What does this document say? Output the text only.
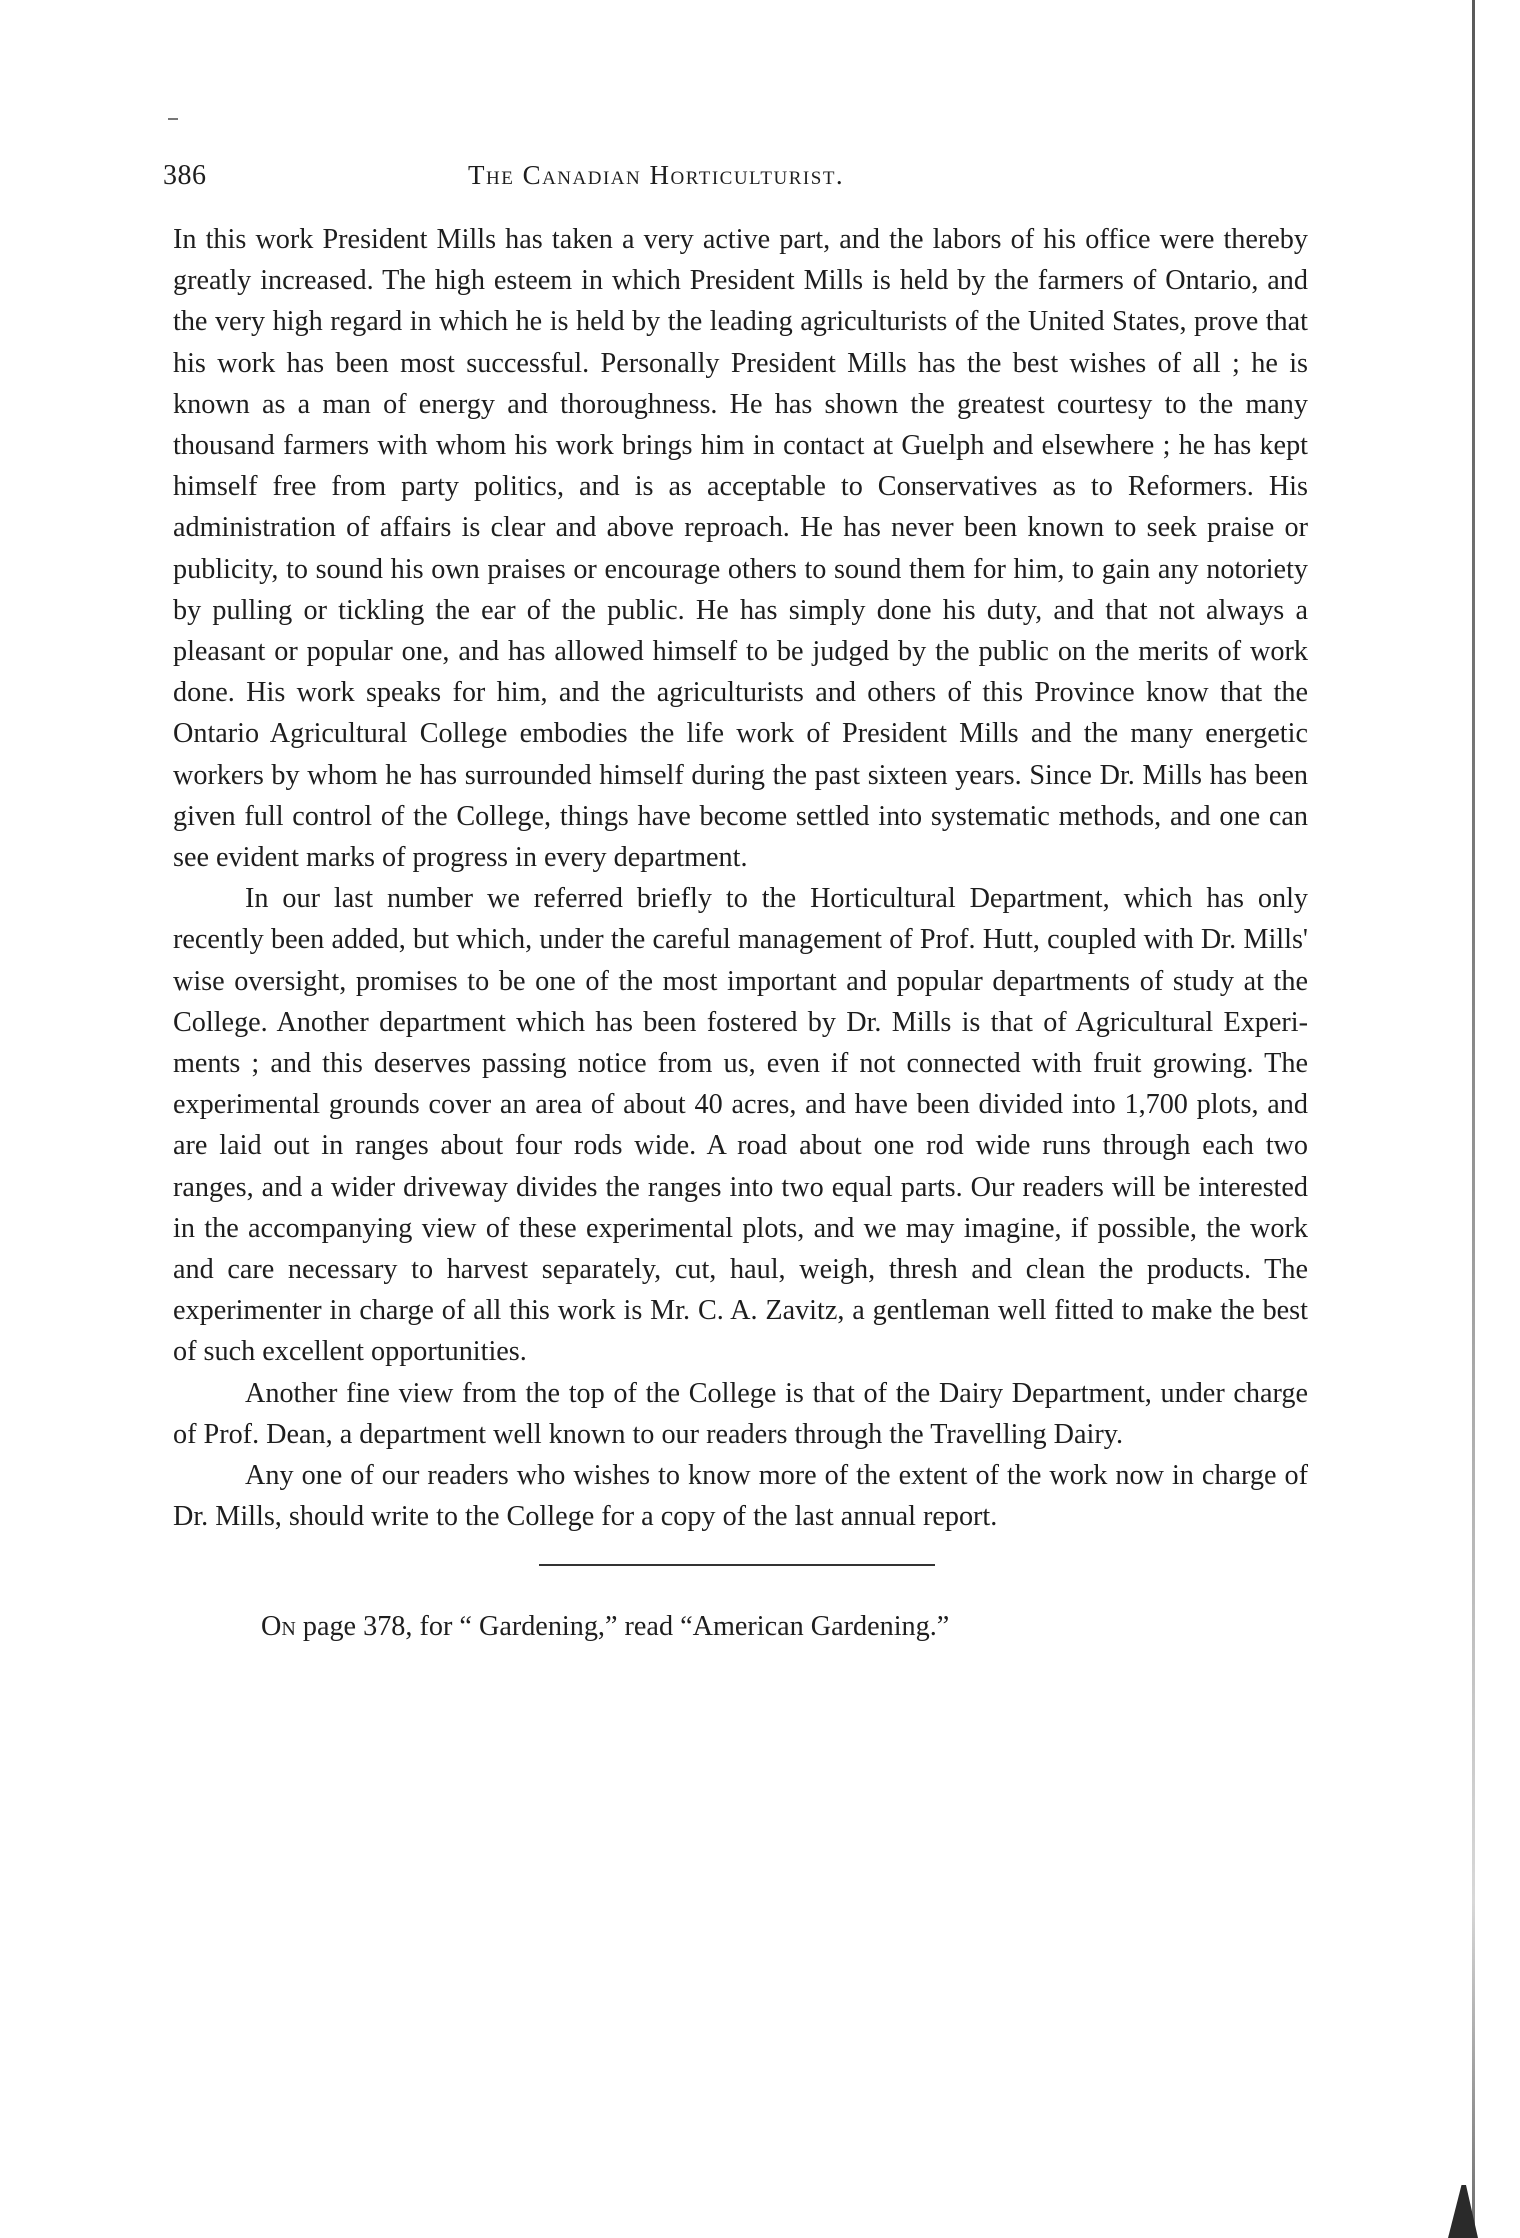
386	The Canadian Horticulturist.

In this work President Mills has taken a very active part, and the labors of his office were thereby greatly increased. The high esteem in which President Mills is held by the farmers of Ontario, and the very high regard in which he is held by the leading agriculturists of the United States, prove that his work has been most successful. Personally President Mills has the best wishes of all ; he is known as a man of energy and thoroughness. He has shown the greatest courtesy to the many thousand farmers with whom his work brings him in contact at Guelph and elsewhere ; he has kept himself free from party politics, and is as acceptable to Conservatives as to Reformers. His administration of affairs is clear and above reproach. He has never been known to seek praise or publicity, to sound his own praises or encourage others to sound them for him, to gain any notoriety by pulling or tickling the ear of the public. He has simply done his duty, and that not always a pleasant or popular one, and has allowed himself to be judged by the public on the merits of work done. His work speaks for him, and the agriculturists and others of this Province know that the Ontario Agricultural College embodies the life work of President Mills and the many energetic workers by whom he has surrounded himself during the past sixteen years. Since Dr. Mills has been given full control of the College, things have become settled into systematic methods, and one can see evident marks of progress in every department.

In our last number we referred briefly to the Horticultural Department, which has only recently been added, but which, under the careful management of Prof. Hutt, coupled with Dr. Mills' wise oversight, promises to be one of the most important and popular departments of study at the College. Another department which has been fostered by Dr. Mills is that of Agricultural Experiments ; and this deserves passing notice from us, even if not connected with fruit growing. The experimental grounds cover an area of about 40 acres, and have been divided into 1,700 plots, and are laid out in ranges about four rods wide. A road about one rod wide runs through each two ranges, and a wider driveway divides the ranges into two equal parts. Our readers will be interested in the accompanying view of these experimental plots, and we may imagine, if possible, the work and care necessary to harvest separately, cut, haul, weigh, thresh and clean the products. The experimenter in charge of all this work is Mr. C. A. Zavitz, a gentleman well fitted to make the best of such excellent opportunities.

Another fine view from the top of the College is that of the Dairy Department, under charge of Prof. Dean, a department well known to our readers through the Travelling Dairy.

Any one of our readers who wishes to know more of the extent of the work now in charge of Dr. Mills, should write to the College for a copy of the last annual report.

On page 378, for “ Gardening,” read “American Gardening.”
